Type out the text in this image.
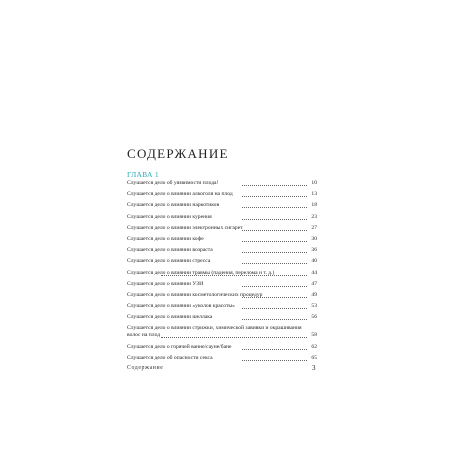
СОДЕРЖАНИЕ
ГЛАВА 1
Слушается дело об уязвимости плода!	10
Слушается дело о влиянии алкоголя на плод	13
Слушается дело о влиянии наркотиков	18
Слушается дело о влиянии курения	23
Слушается дело о влиянии электронных сигарет	27
Слушается дело о влиянии кофе	30
Слушается дело о влиянии возраста	36
Слушается дело о влиянии стресса	40
Слушается дело о влиянии травмы (падения, перелома и т. д.)	44
Слушается дело о влиянии УЗИ	47
Слушается дело о влиянии косметологических процедур	49
Слушается дело о влиянии «уколов красоты»	53
Слушается дело о влиянии шеллака	56
Слушается дело о влиянии стрижки, химической завивки и окрашивания волос на плод	58
Слушается дело о горячей ванне/сауне/бане	62
Слушается дело об опасности секса	65
Содержание	3
